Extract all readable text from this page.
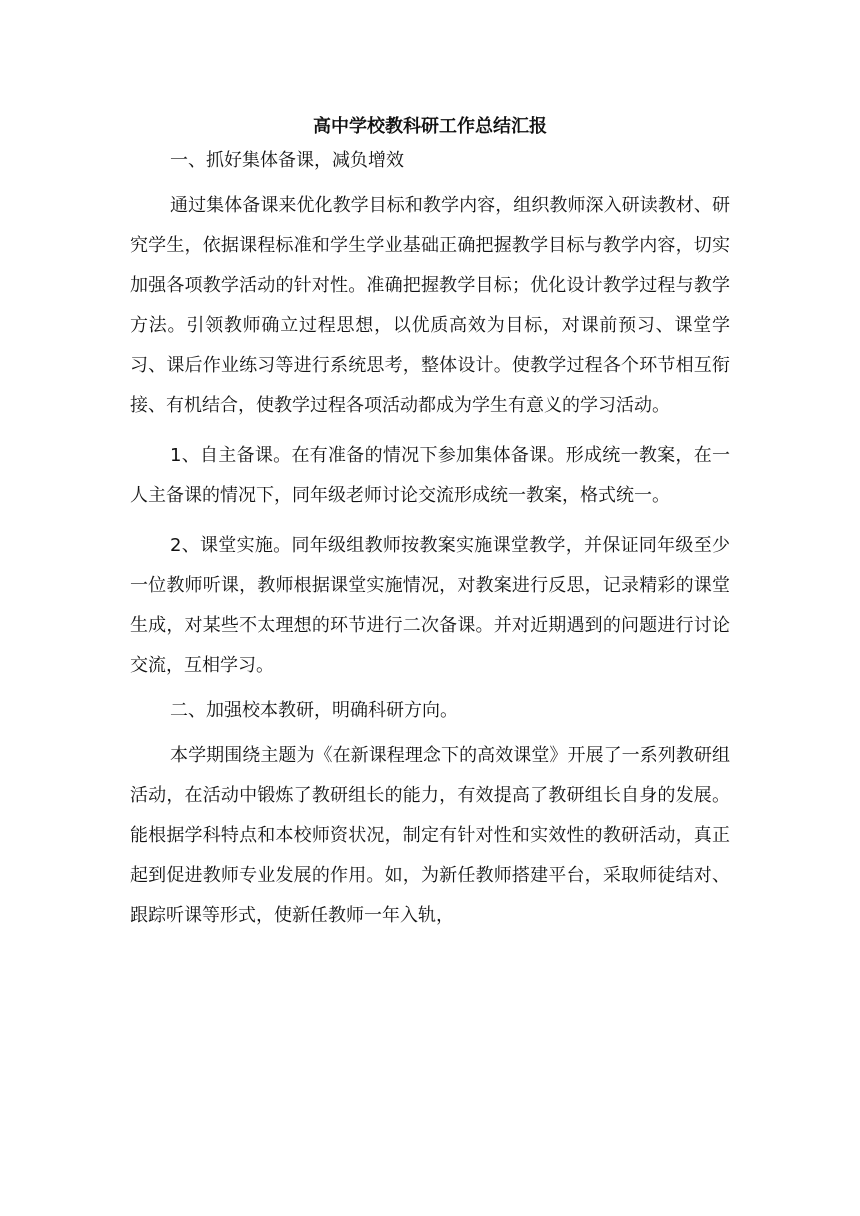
高中学校教科研工作总结汇报
一、抓好集体备课，减负增效
通过集体备课来优化教学目标和教学内容，组织教师深入研读教材、研究学生，依据课程标准和学生学业基础正确把握教学目标与教学内容，切实加强各项教学活动的针对性。准确把握教学目标；优化设计教学过程与教学方法。引领教师确立过程思想，以优质高效为目标，对课前预习、课堂学习、课后作业练习等进行系统思考，整体设计。使教学过程各个环节相互衔接、有机结合，使教学过程各项活动都成为学生有意义的学习活动。
1、自主备课。在有准备的情况下参加集体备课。形成统一教案，在一人主备课的情况下，同年级老师讨论交流形成统一教案，格式统一。
2、课堂实施。同年级组教师按教案实施课堂教学，并保证同年级至少一位教师听课，教师根据课堂实施情况，对教案进行反思，记录精彩的课堂生成，对某些不太理想的环节进行二次备课。并对近期遇到的问题进行讨论交流，互相学习。
二、加强校本教研，明确科研方向。
本学期围绕主题为《在新课程理念下的高效课堂》开展了一系列教研组活动，在活动中锻炼了教研组长的能力，有效提高了教研组长自身的发展。能根据学科特点和本校师资状况，制定有针对性和实效性的教研活动，真正起到促进教师专业发展的作用。如，为新任教师搭建平台，采取师徒结对、跟踪听课等形式，使新任教师一年入轨，
